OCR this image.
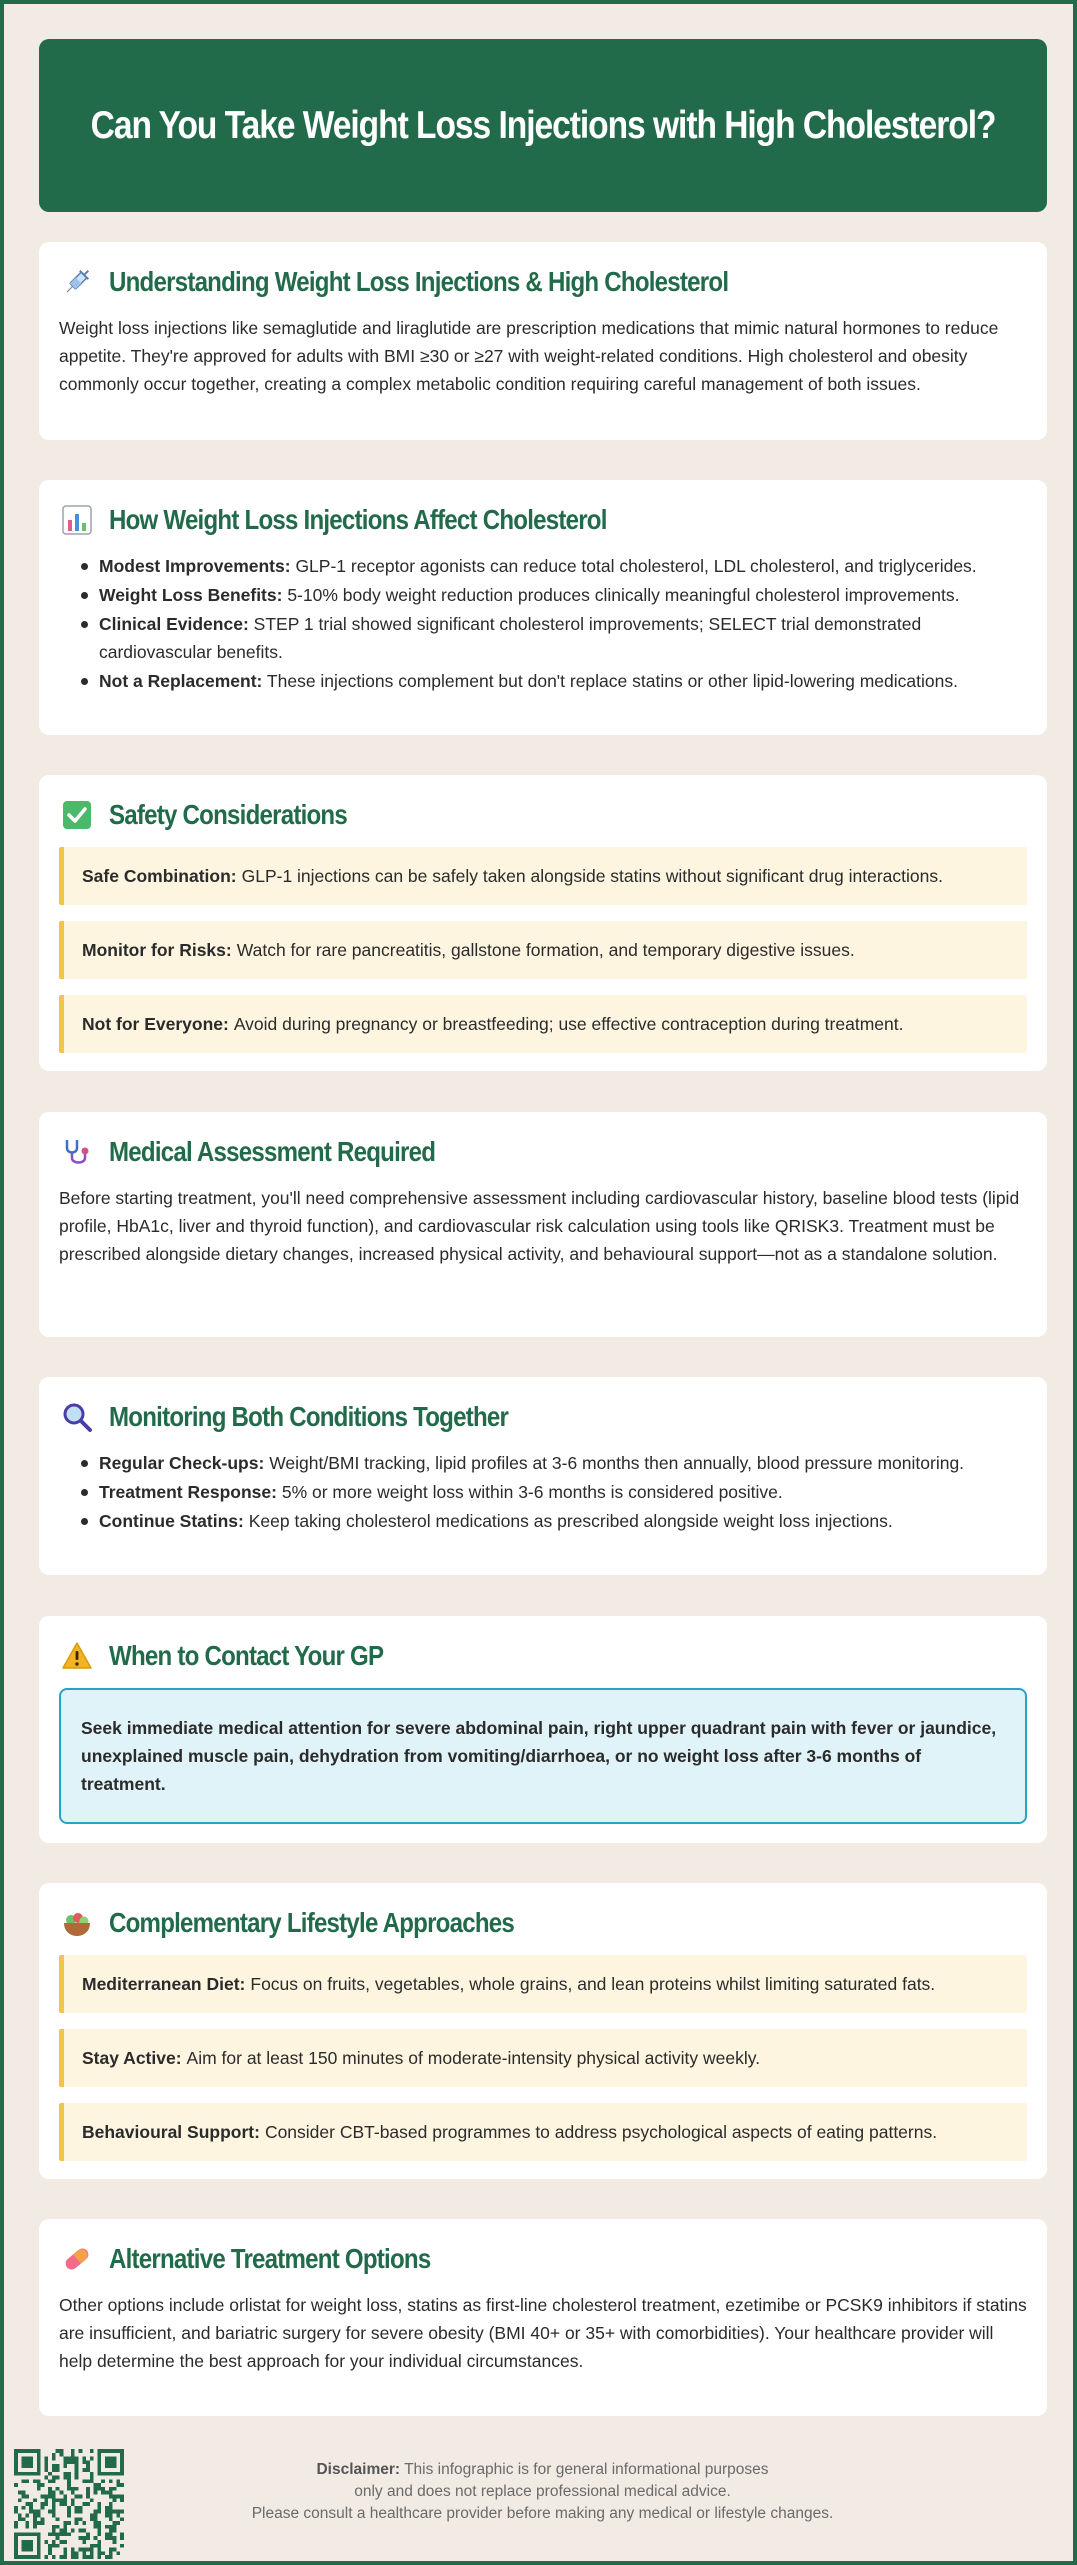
Can You Take Weight Loss Injections with High Cholesterol?
Understanding Weight Loss Injections & High Cholesterol

Weight loss injections like semaglutide and liraglutide are prescription medications that mimic natural hormones to reduce appetite. They're approved for adults with BMI ≥30 or ≥27 with weight-related conditions. High cholesterol and obesity commonly occur together, creating a complex metabolic condition requiring careful management of both issues.

How Weight Loss Injections Affect Cholesterol
Modest Improvements: GLP-1 receptor agonists can reduce total cholesterol, LDL cholesterol, and triglycerides.
Weight Loss Benefits: 5-10% body weight reduction produces clinically meaningful cholesterol improvements.
Clinical Evidence: STEP 1 trial showed significant cholesterol improvements; SELECT trial demonstrated cardiovascular benefits.
Not a Replacement: These injections complement but don't replace statins or other lipid-lowering medications.
Safety Considerations
Safe Combination: GLP-1 injections can be safely taken alongside statins without significant drug interactions.
Monitor for Risks: Watch for rare pancreatitis, gallstone formation, and temporary digestive issues.
Not for Everyone: Avoid during pregnancy or breastfeeding; use effective contraception during treatment.
Medical Assessment Required

Before starting treatment, you'll need comprehensive assessment including cardiovascular history, baseline blood tests (lipid profile, HbA1c, liver and thyroid function), and cardiovascular risk calculation using tools like QRISK3. Treatment must be prescribed alongside dietary changes, increased physical activity, and behavioural support—not as a standalone solution.

Monitoring Both Conditions Together
Regular Check-ups: Weight/BMI tracking, lipid profiles at 3-6 months then annually, blood pressure monitoring.
Treatment Response: 5% or more weight loss within 3-6 months is considered positive.
Continue Statins: Keep taking cholesterol medications as prescribed alongside weight loss injections.
When to Contact Your GP
Seek immediate medical attention for severe abdominal pain, right upper quadrant pain with fever or jaundice, unexplained muscle pain, dehydration from vomiting/diarrhoea, or no weight loss after 3-6 months of treatment.
Complementary Lifestyle Approaches
Mediterranean Diet: Focus on fruits, vegetables, whole grains, and lean proteins whilst limiting saturated fats.
Stay Active: Aim for at least 150 minutes of moderate-intensity physical activity weekly.
Behavioural Support: Consider CBT-based programmes to address psychological aspects of eating patterns.
Alternative Treatment Options

Other options include orlistat for weight loss, statins as first-line cholesterol treatment, ezetimibe or PCSK9 inhibitors if statins are insufficient, and bariatric surgery for severe obesity (BMI 40+ or 35+ with comorbidities). Your healthcare provider will help determine the best approach for your individual circumstances.

Disclaimer: This infographic is for general informational purposes
only and does not replace professional medical advice.
Please consult a healthcare provider before making any medical or lifestyle changes.
